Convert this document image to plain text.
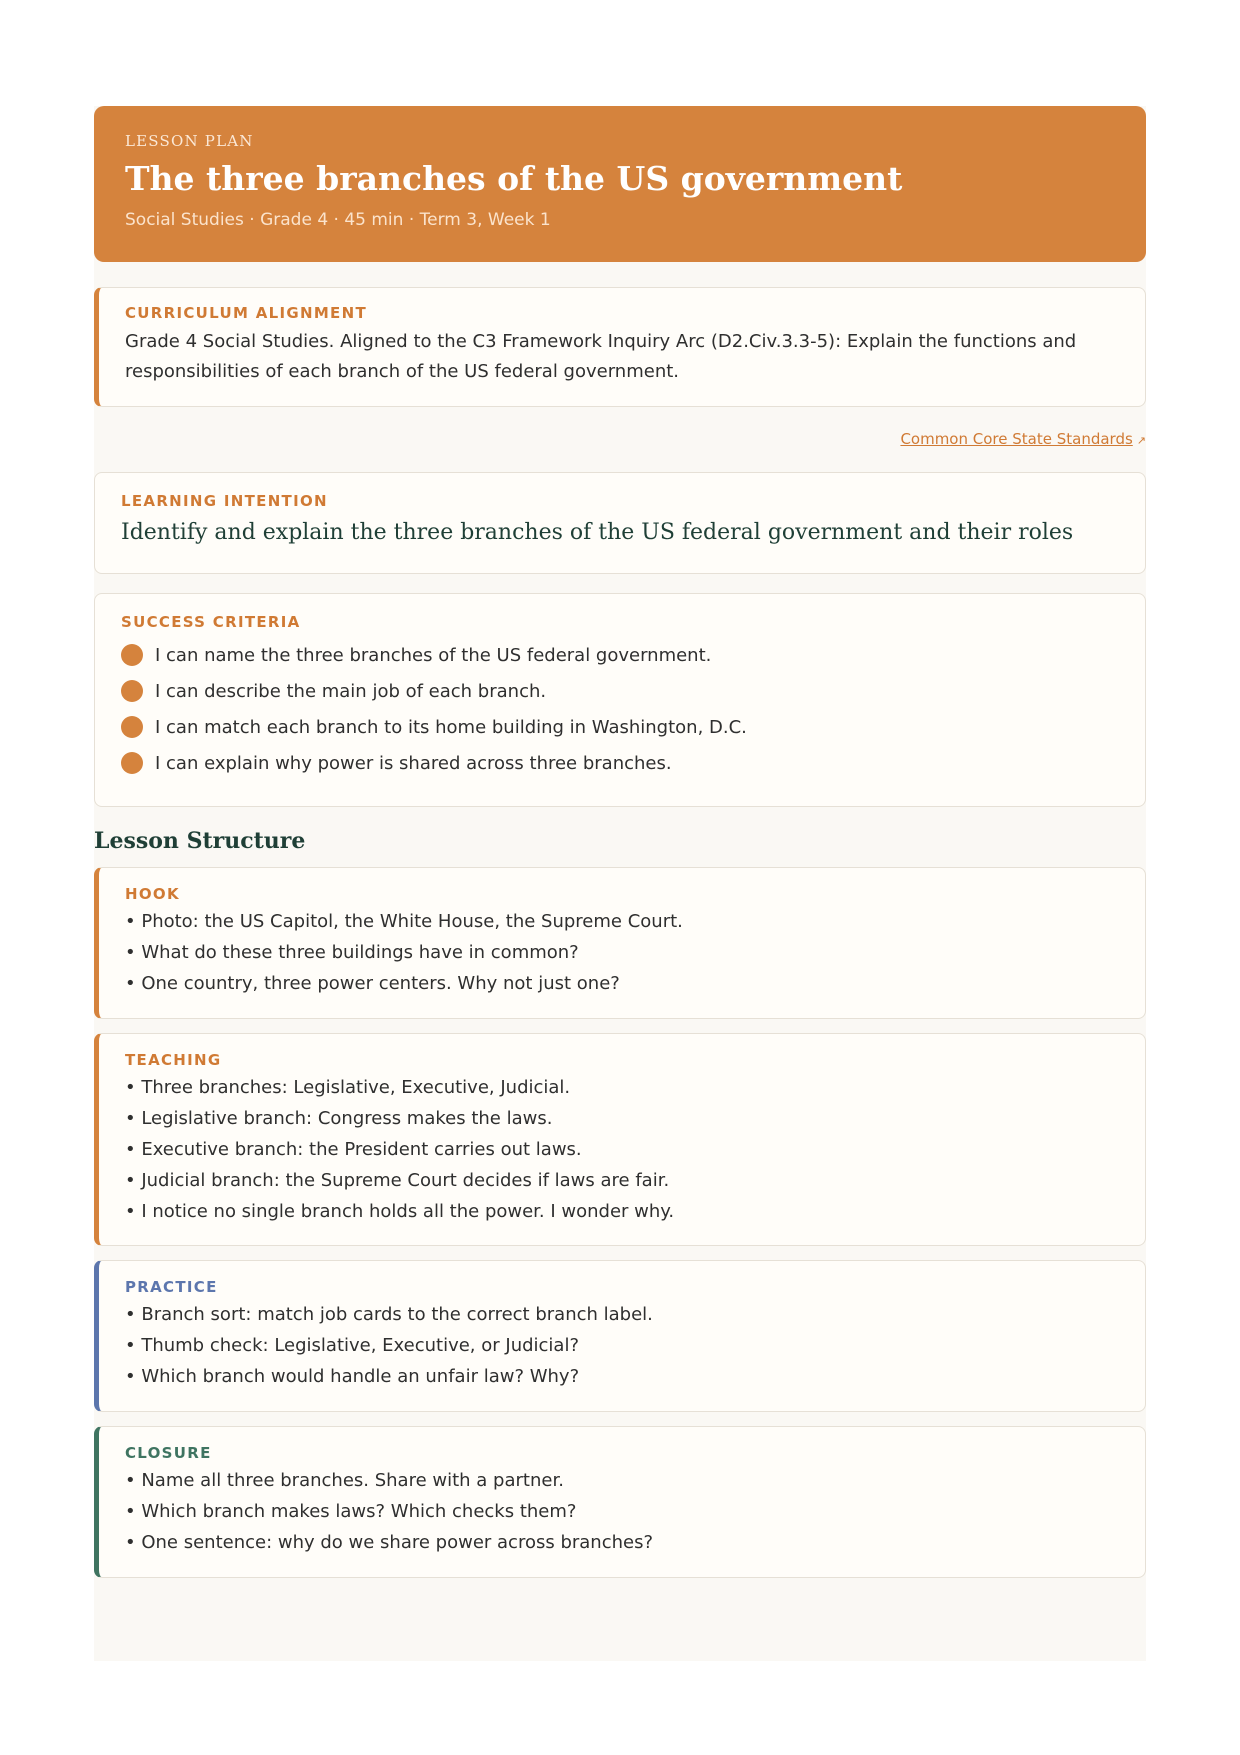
LESSON PLAN
The three branches of the US government
Social Studies · Grade 4 · 45 min · Term 3, Week 1
CURRICULUM ALIGNMENT
Grade 4 Social Studies. Aligned to the C3 Framework Inquiry Arc (D2.Civ.3.3-5): Explain the functions and responsibilities of each branch of the US federal government.
Common Core State Standards ↗
LEARNING INTENTION
Identify and explain the three branches of the US federal government and their roles
SUCCESS CRITERIA
I can name the three branches of the US federal government.
I can describe the main job of each branch.
I can match each branch to its home building in Washington, D.C.
I can explain why power is shared across three branches.
Lesson Structure
HOOK
• Photo: the US Capitol, the White House, the Supreme Court.
• What do these three buildings have in common?
• One country, three power centers. Why not just one?
TEACHING
• Three branches: Legislative, Executive, Judicial.
• Legislative branch: Congress makes the laws.
• Executive branch: the President carries out laws.
• Judicial branch: the Supreme Court decides if laws are fair.
• I notice no single branch holds all the power. I wonder why.
PRACTICE
• Branch sort: match job cards to the correct branch label.
• Thumb check: Legislative, Executive, or Judicial?
• Which branch would handle an unfair law? Why?
CLOSURE
• Name all three branches. Share with a partner.
• Which branch makes laws? Which checks them?
• One sentence: why do we share power across branches?
